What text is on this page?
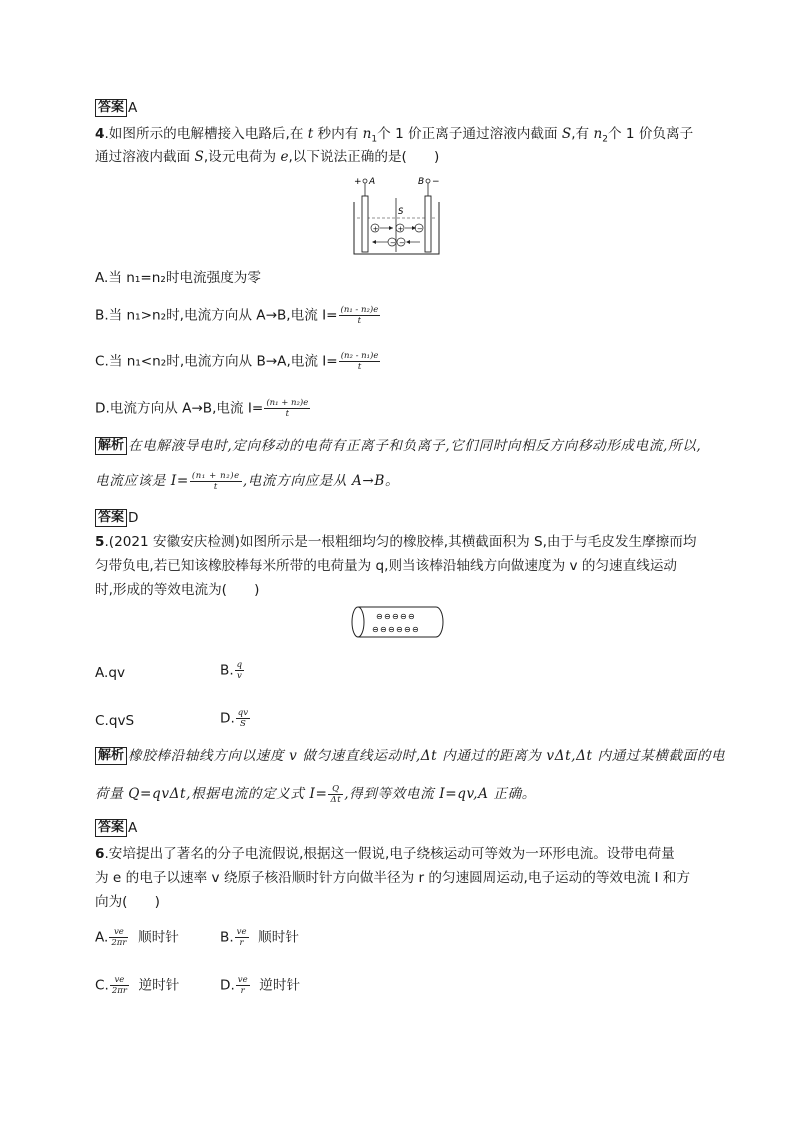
答案 A
4.如图所示的电解槽接入电路后,在 t 秒内有 $n_1$个 1 价正离子通过溶液内截面 S,有 $n_2$个 1 价负离子
通过溶液内截面 S,设元电荷为 e,以下说法正确的是(　　)
+ A	B −
S
+	+ −
− −
A.当 n₁=n₂时电流强度为零
B.当 n₁>n₂时,电流方向从 A→B,电流 $I= \frac{\text{(n₁ - n₂)e}}{t}$
C.当 n₁<n₂时,电流方向从 B→A,电流 $I= \frac{\text{(n₂ - n₁)e}}{t}$
D.电流方向从 A→B,电流 $I= \frac{\text{(n₁ + n₂)e}}{t}$
解析 在电解液导电时,定向移动的电荷有正离子和负离子,它们同时向相反方向移动形成电流,所以,
电流应该是 $I= \frac{\text{(n₁ + n₂)e}}{t}$ ,电流方向应是从 A→B。
答案 D
5.(2021 安徽安庆检测)如图所示是一根粗细均匀的橡胶棒,其横截面积为 S,由于与毛皮发生摩擦而均
匀带负电,若已知该橡胶棒每米所带的电荷量为 q,则当该棒沿轴线方向做速度为 v 的匀速直线运动
时,形成的等效电流为(　　)
⊖ ⊖ ⊖ ⊖ ⊖
⊖ ⊖ ⊖ ⊖ ⊖ ⊖
A.qv	B. $\frac{q}{v}$
C.qvS	D. $\frac{qv}{S}$
解析 橡胶棒沿轴线方向以速度 v 做匀速直线运动时,Δt 内通过的距离为 vΔt,Δt 内通过某横截面的电
荷量 Q=qvΔt,根据电流的定义式 $I= \frac{Q}{\Delta t}$ ,得到等效电流 I=qv,A 正确。
答案 A
6.安培提出了著名的分子电流假说,根据这一假说,电子绕核运动可等效为一环形电流。设带电荷量
为 e 的电子以速率 v 绕原子核沿顺时针方向做半径为 r 的匀速圆周运动,电子运动的等效电流 I 和方
向为(　　)
A. $\frac{ve}{2\pi r}$ 顺时针	B. $\frac{ve}{r}$ 顺时针
C. $\frac{ve}{2\pi r}$ 逆时针	D. $\frac{ve}{r}$ 逆时针
